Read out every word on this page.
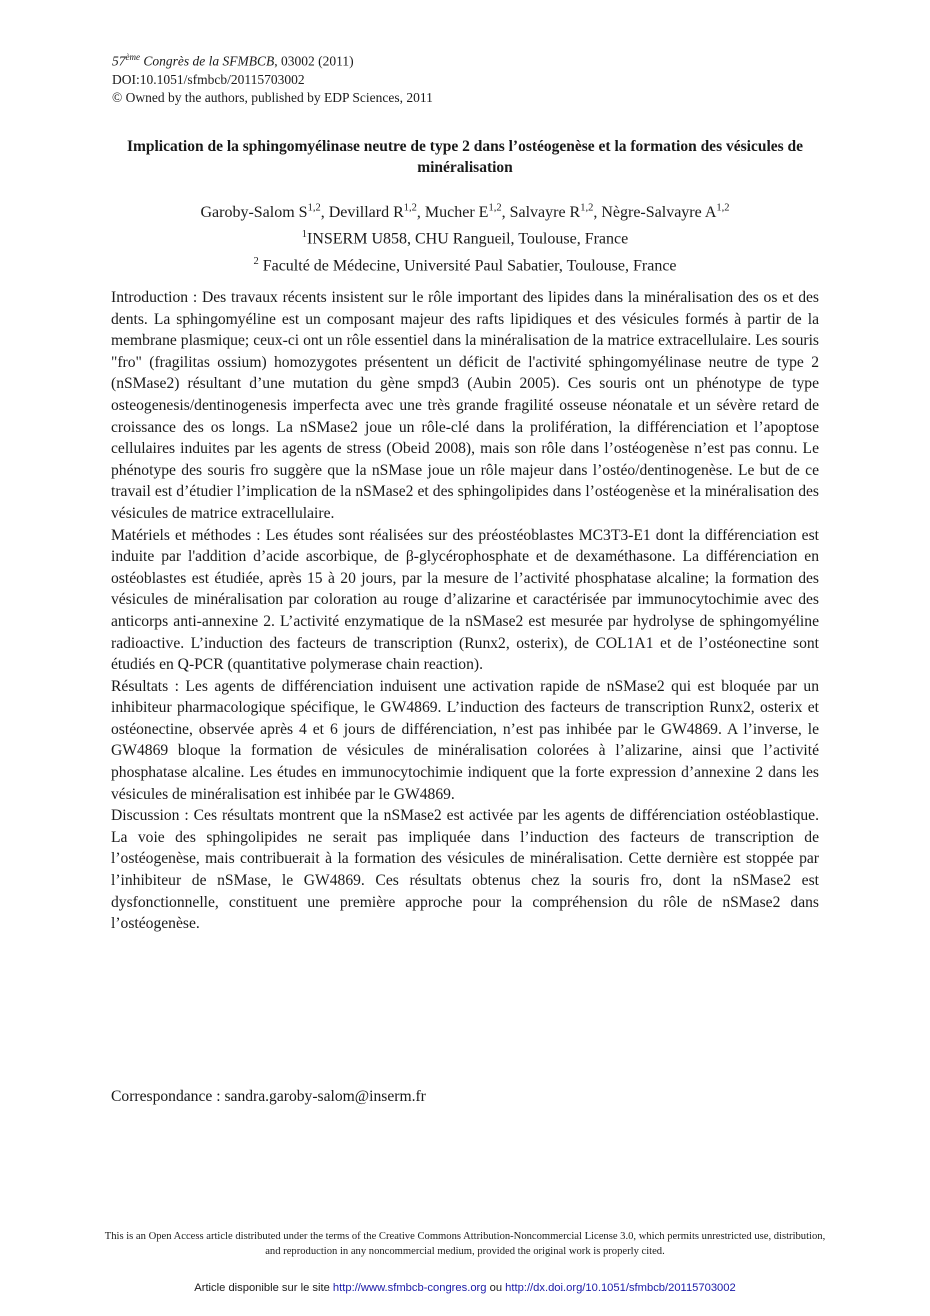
57ème Congrès de la SFMBCB, 03002 (2011)
DOI:10.1051/sfmbcb/20115703002
© Owned by the authors, published by EDP Sciences, 2011
Implication de la sphingomyélinase neutre de type 2 dans l’ostéogenèse et la formation des vésicules de minéralisation
Garoby-Salom S$^{1,2}$, Devillard R$^{1,2}$, Mucher E$^{1,2}$, Salvayre R$^{1,2}$, Nègre-Salvayre A$^{1,2}$
$^1$INSERM U858, CHU Rangueil, Toulouse, France
$^2$ Faculté de Médecine, Université Paul Sabatier, Toulouse, France

Introduction : Des travaux récents insistent sur le rôle important des lipides dans la minéralisation des os et des dents. La sphingomyéline est un composant majeur des rafts lipidiques et des vésicules formés à partir de la membrane plasmique; ceux-ci ont un rôle essentiel dans la minéralisation de la matrice extracellulaire. Les souris "fro" (fragilitas ossium) homozygotes présentent un déficit de l'activité sphingomyélinase neutre de type 2 (nSMase2) résultant d’une mutation du gène smpd3 (Aubin 2005). Ces souris ont un phénotype de type osteogenesis/dentinogenesis imperfecta avec une très grande fragilité osseuse néonatale et un sévère retard de croissance des os longs. La nSMase2 joue un rôle-clé dans la prolifération, la différenciation et l’apoptose cellulaires induites par les agents de stress (Obeid 2008), mais son rôle dans l’ostéogenèse n’est pas connu. Le phénotype des souris fro suggère que la nSMase joue un rôle majeur dans l’ostéo/dentinogenèse. Le but de ce travail est d’étudier l’implication de la nSMase2 et des sphingolipides dans l’ostéogenèse et la minéralisation des vésicules de matrice extracellulaire.

Matériels et méthodes : Les études sont réalisées sur des préostéoblastes MC3T3-E1 dont la différenciation est induite par l'addition d’acide ascorbique, de β-glycérophosphate et de dexaméthasone. La différenciation en ostéoblastes est étudiée, après 15 à 20 jours, par la mesure de l’activité phosphatase alcaline; la formation des vésicules de minéralisation par coloration au rouge d’alizarine et caractérisée par immunocytochimie avec des anticorps anti-annexine 2. L’activité enzymatique de la nSMase2 est mesurée par hydrolyse de sphingomyéline radioactive. L’induction des facteurs de transcription (Runx2, osterix), de COL1A1 et de l’ostéonectine sont étudiés en Q-PCR (quantitative polymerase chain reaction).

Résultats : Les agents de différenciation induisent une activation rapide de nSMase2 qui est bloquée par un inhibiteur pharmacologique spécifique, le GW4869. L’induction des facteurs de transcription Runx2, osterix et ostéonectine, observée après 4 et 6 jours de différenciation, n’est pas inhibée par le GW4869. A l’inverse, le GW4869 bloque la formation de vésicules de minéralisation colorées à l’alizarine, ainsi que l’activité phosphatase alcaline. Les études en immunocytochimie indiquent que la forte expression d’annexine 2 dans les vésicules de minéralisation est inhibée par le GW4869.

Discussion : Ces résultats montrent que la nSMase2 est activée par les agents de différenciation ostéoblastique. La voie des sphingolipides ne serait pas impliquée dans l’induction des facteurs de transcription de l’ostéogenèse, mais contribuerait à la formation des vésicules de minéralisation. Cette dernière est stoppée par l’inhibiteur de nSMase, le GW4869. Ces résultats obtenus chez la souris fro, dont la nSMase2 est dysfonctionnelle, constituent une première approche pour la compréhension du rôle de nSMase2 dans l’ostéogenèse.

Correspondance : sandra.garoby-salom@inserm.fr
This is an Open Access article distributed under the terms of the Creative Commons Attribution-Noncommercial License 3.0, which permits unrestricted use, distribution, and reproduction in any noncommercial medium, provided the original work is properly cited.
Article disponible sur le site http://www.sfmbcb-congres.org ou http://dx.doi.org/10.1051/sfmbcb/20115703002
